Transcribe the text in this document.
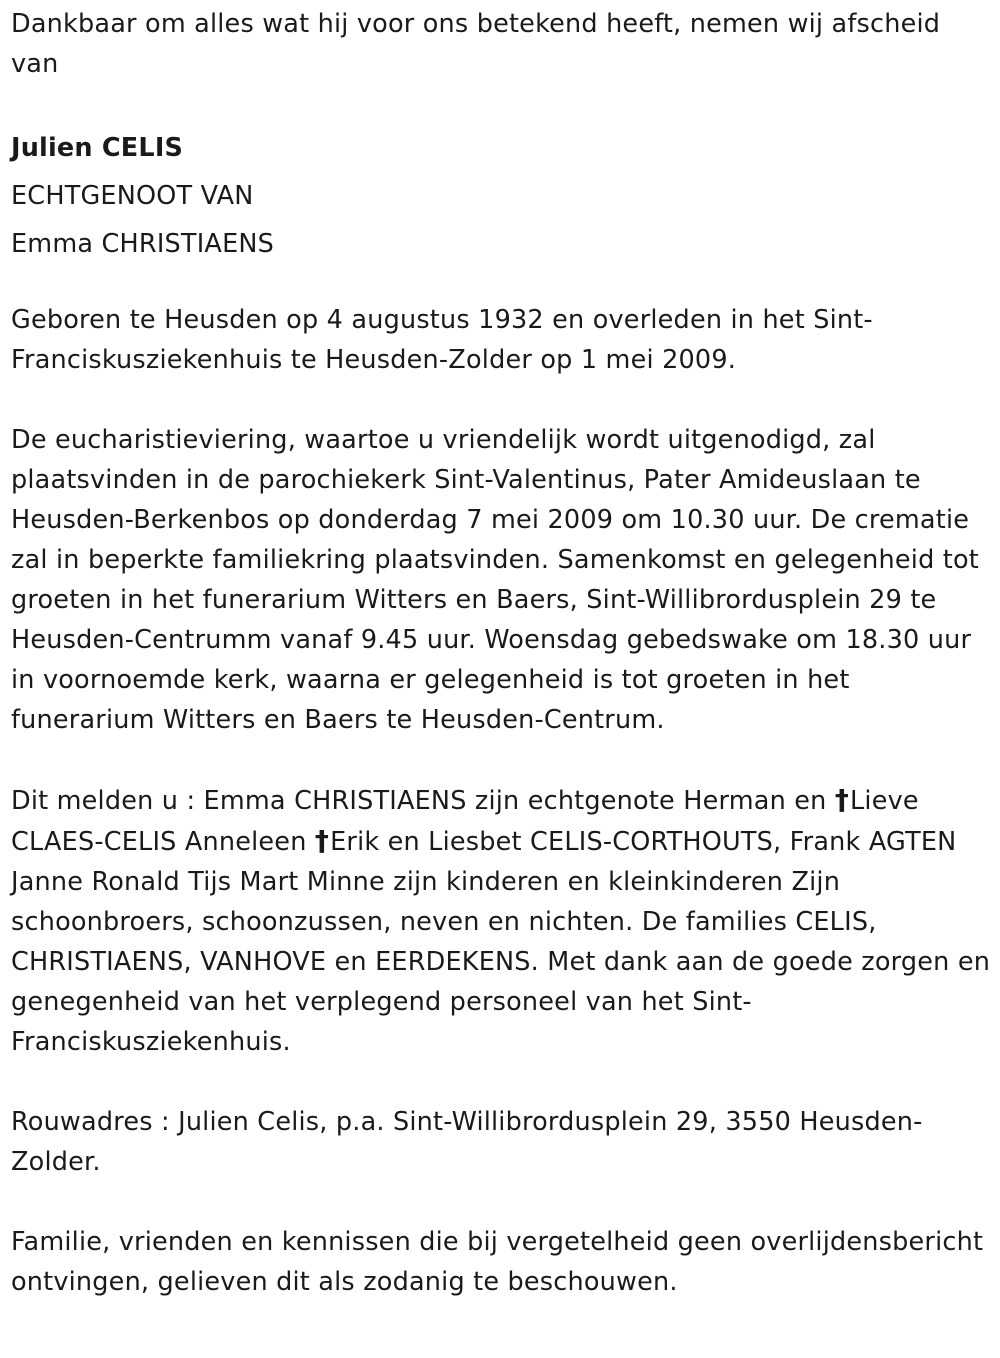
Dankbaar om alles wat hij voor ons betekend heeft, nemen wij afscheid van

Julien CELIS

ECHTGENOOT VAN

Emma CHRISTIAENS

Geboren te Heusden op 4 augustus 1932 en overleden in het Sint-Franciskusziekenhuis te Heusden-Zolder op 1 mei 2009.

De eucharistieviering, waartoe u vriendelijk wordt uitgenodigd, zal plaatsvinden in de parochiekerk Sint-Valentinus, Pater Amideuslaan te Heusden-Berkenbos op donderdag 7 mei 2009 om 10.30 uur. De crematie zal in beperkte familiekring plaatsvinden. Samenkomst en gelegenheid tot groeten in het funerarium Witters en Baers, Sint-Willibrordusplein 29 te Heusden-Centrumm vanaf 9.45 uur. Woensdag gebedswake om 18.30 uur in voornoemde kerk, waarna er gelegenheid is tot groeten in het funerarium Witters en Baers te Heusden-Centrum.

Dit melden u : Emma CHRISTIAENS zijn echtgenote Herman en †Lieve CLAES-CELIS Anneleen †Erik en Liesbet CELIS-CORTHOUTS, Frank AGTEN Janne Ronald Tijs Mart Minne zijn kinderen en kleinkinderen Zijn schoonbroers, schoonzussen, neven en nichten. De families CELIS, CHRISTIAENS, VANHOVE en EERDEKENS. Met dank aan de goede zorgen en genegenheid van het verplegend personeel van het Sint-Franciskusziekenhuis.

Rouwadres : Julien Celis, p.a. Sint-Willibrordusplein 29, 3550 Heusden-Zolder.

Familie, vrienden en kennissen die bij vergetelheid geen overlijdensbericht ontvingen, gelieven dit als zodanig te beschouwen.
